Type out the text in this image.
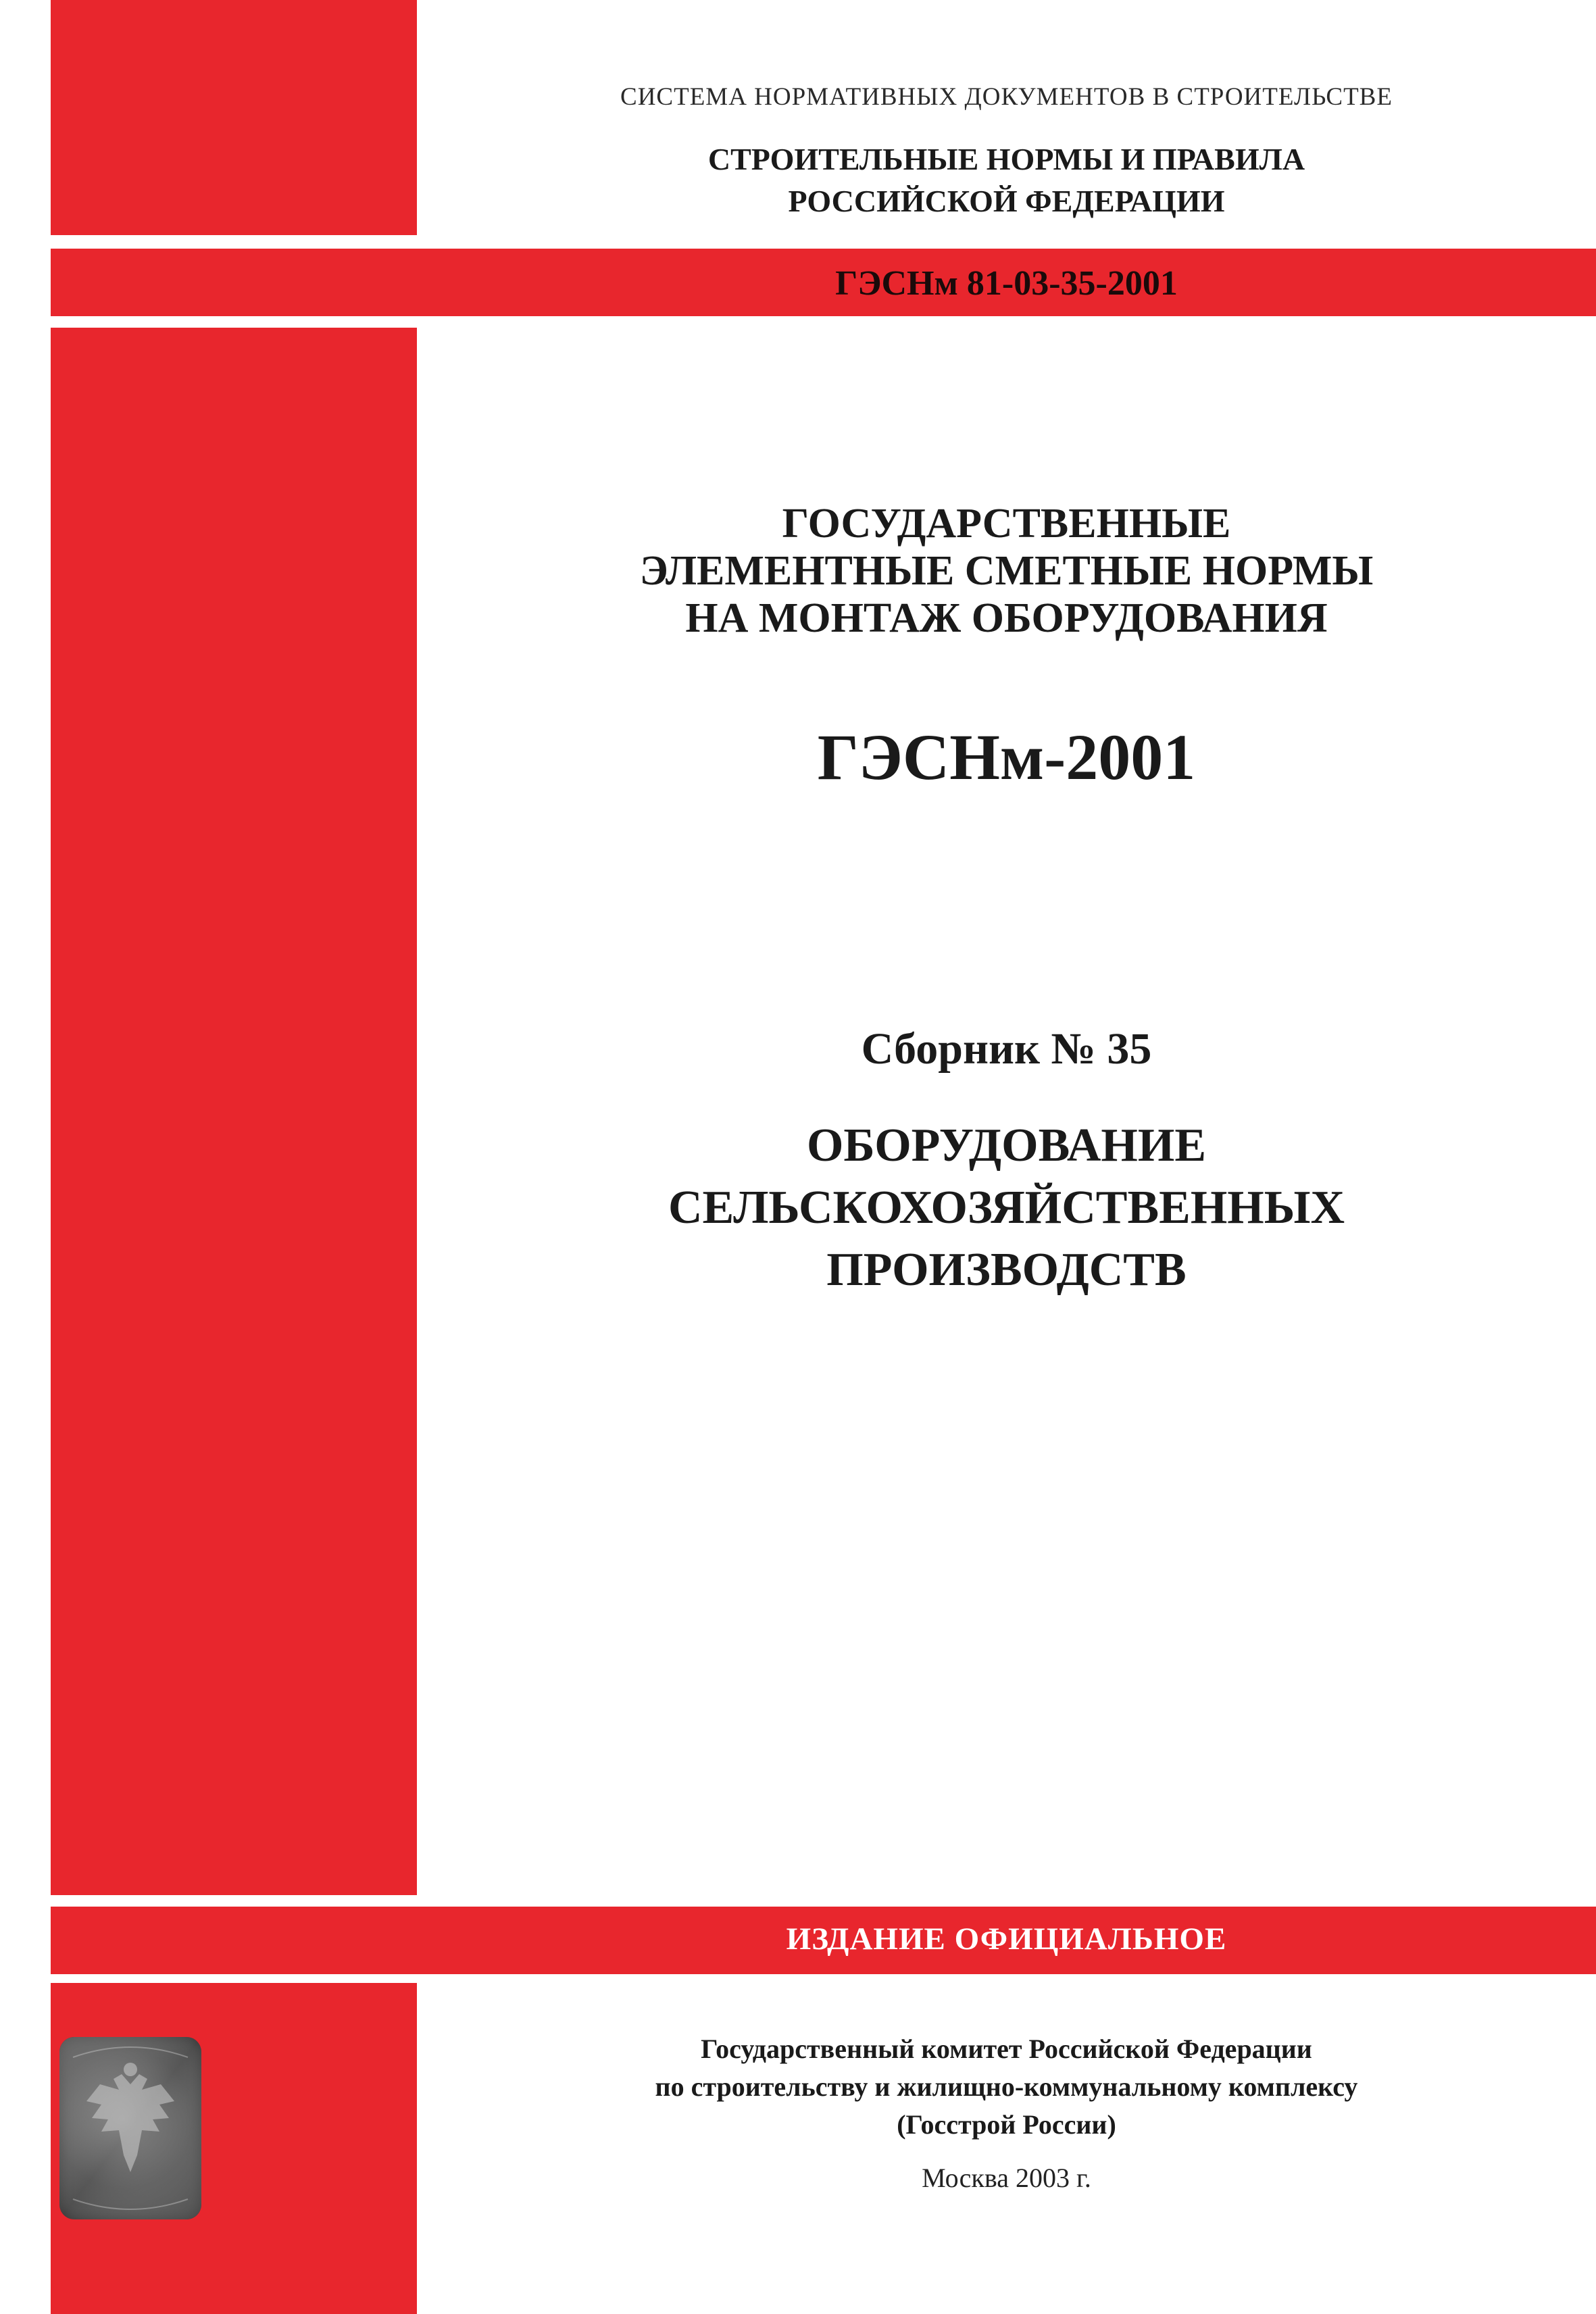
СИСТЕМА НОРМАТИВНЫХ ДОКУМЕНТОВ В СТРОИТЕЛЬСТВЕ
СТРОИТЕЛЬНЫЕ НОРМЫ И ПРАВИЛА
РОССИЙСКОЙ ФЕДЕРАЦИИ
ГЭСНм 81-03-35-2001
ГОСУДАРСТВЕННЫЕ
ЭЛЕМЕНТНЫЕ СМЕТНЫЕ НОРМЫ
НА МОНТАЖ ОБОРУДОВАНИЯ
ГЭСНм-2001
Сборник № 35
ОБОРУДОВАНИЕ
СЕЛЬСКОХОЗЯЙСТВЕННЫХ
ПРОИЗВОДСТВ
ИЗДАНИЕ ОФИЦИАЛЬНОЕ
Государственный комитет Российской Федерации
по строительству и жилищно-коммунальному комплексу
(Госстрой России)
Москва 2003 г.
